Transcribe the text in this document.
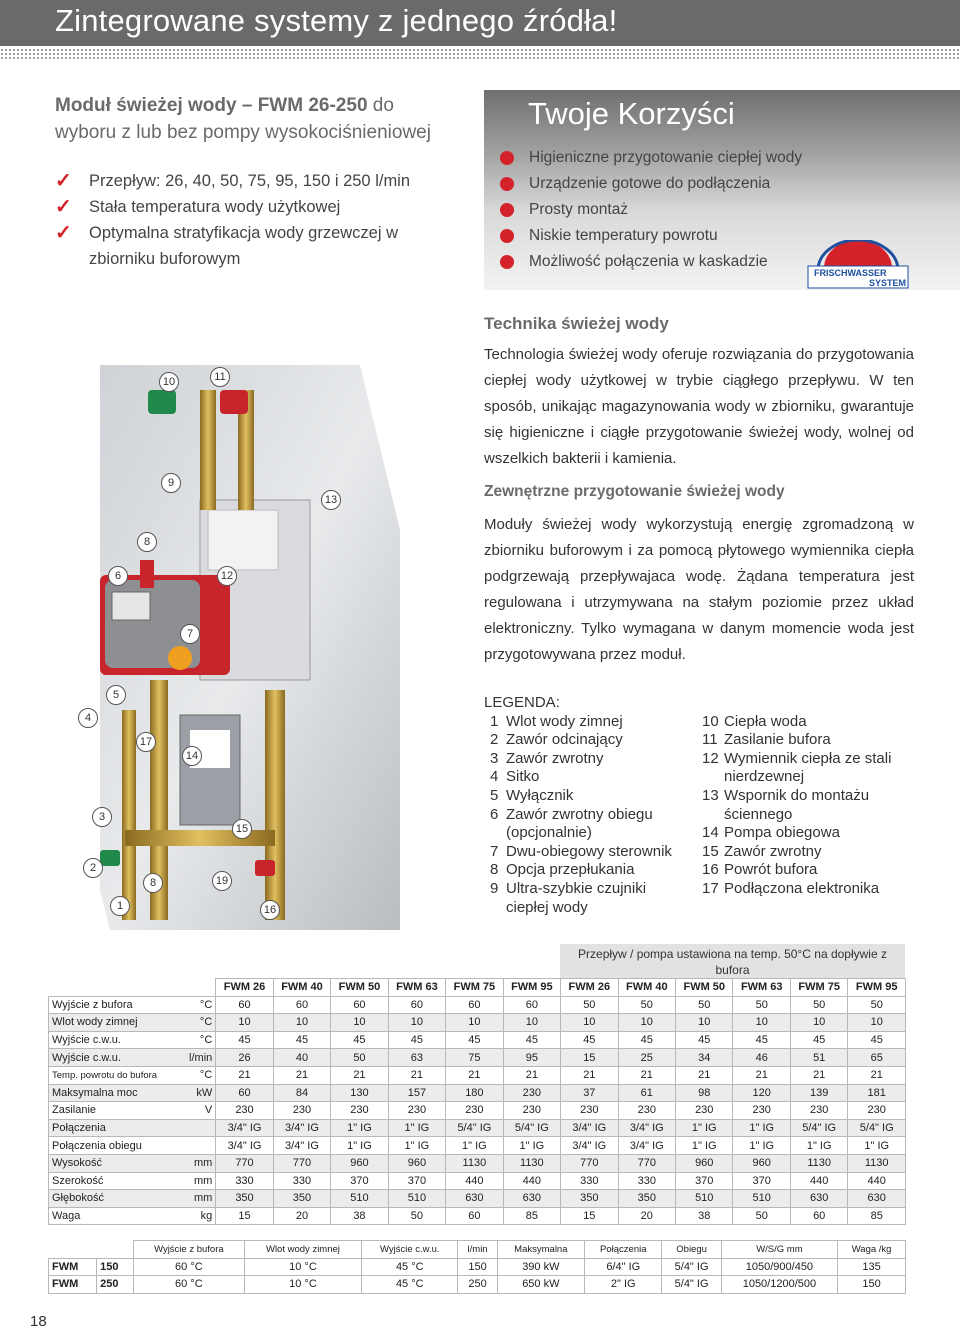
Zintegrowane systemy z jednego źródła!
Moduł świeżej wody – FWM 26-250 do wyboru z lub bez pompy wysokociśnieniowej
✓ Przepływ: 26, 40, 50, 75, 95, 150 i 250 l/min
✓ Stała temperatura wody użytkowej
✓ Optymalna stratyfikacja wody grzewczej w zbiorniku buforowym
Twoje Korzyści
Higieniczne przygotowanie ciepłej wody
Urządzenie gotowe do podłączenia
Prosty montaż
Niskie temperatury powrotu
Możliwość połączenia w kaskadzie
FRISCHWASSER
SYSTEM
Technika świeżej wody
Technologia świeżej wody oferuje rozwiązania do przygotowania ciepłej wody użytkowej w trybie ciągłego przepływu. W ten sposób, unikając magazynowania wody w zbiorniku, gwarantuje się higieniczne i ciągłe przygotowanie świeżej wody, wolnej od wszelkich bakterii i kamienia.
Zewnętrzne przygotowanie świeżej wody
Moduły świeżej wody wykorzystują energię zgromadzoną w zbiorniku buforowym i za pomocą płytowego wymiennika ciepła podgrzewają przepływajaca wodę. Żądana temperatura jest regulowana i utrzymywana na stałym poziomie przez układ elektroniczny. Tylko wymagana w danym momencie woda jest przygotowywana przez moduł.
10	11
9
13
8
6	12
7
5
4
17
14
3
15
2
8	19
1	16
LEGENDA:
1 Wlot wody zimnej
2 Zawór odcinający
3 Zawór zwrotny
4 Sitko
5 Wyłącznik
6 Zawór zwrotny obiegu
(opcjonalnie)
7 Dwu-obiegowy sterownik
8 Opcja przepłukania
9 Ultra-szybkie czujniki
ciepłej wody
10 Ciepła woda
11 Zasilanie bufora
12 Wymiennik ciepła ze stali
nierdzewnej
13 Wspornik do montażu
ściennego
14 Pompa obiegowa
15 Zawór zwrotny
16 Powrót bufora
17 Podłączona elektronika
Przepływ / pompa ustawiona na temp. 50°C na dopływie z bufora
		FWM 26	FWM 40	FWM 50	FWM 63	FWM 75	FWM 95	FWM 26	FWM 40	FWM 50	FWM 63	FWM 75	FWM 95
Wyjście z bufora	°C	60	60	60	60	60	60	50	50	50	50	50	50
Wlot wody zimnej	°C	10	10	10	10	10	10	10	10	10	10	10	10
Wyjście c.w.u.	°C	45	45	45	45	45	45	45	45	45	45	45	45
Wyjście c.w.u.	l/min	26	40	50	63	75	95	15	25	34	46	51	65
Temp. powrotu do bufora	°C	21	21	21	21	21	21	21	21	21	21	21	21
Maksymalna moc	kW	60	84	130	157	180	230	37	61	98	120	139	181
Zasilanie	V	230	230	230	230	230	230	230	230	230	230	230	230
Połączenia		3/4" IG	3/4" IG	1" IG	1" IG	5/4" IG	5/4" IG	3/4" IG	3/4" IG	1" IG	1" IG	5/4" IG	5/4" IG
Połączenia obiegu		3/4" IG	3/4" IG	1" IG	1" IG	1" IG	1" IG	3/4" IG	3/4" IG	1" IG	1" IG	1" IG	1" IG
Wysokość	mm	770	770	960	960	1130	1130	770	770	960	960	1130	1130
Szerokość	mm	330	330	370	370	440	440	330	330	370	370	440	440
Głębokość	mm	350	350	510	510	630	630	350	350	510	510	630	630
Waga	kg	15	20	38	50	60	85	15	20	38	50	60	85
		Wyjście z bufora	Wlot wody zimnej	Wyjście c.w.u.	l/min	Maksymalna	Połączenia	Obiegu	W/S/G mm	Waga /kg
FWM	150	60 °C	10 °C	45 °C	150	390 kW	6/4" IG	5/4" IG	1050/900/450	135
FWM	250	60 °C	10 °C	45 °C	250	650 kW	2" IG	5/4" IG	1050/1200/500	150
18
